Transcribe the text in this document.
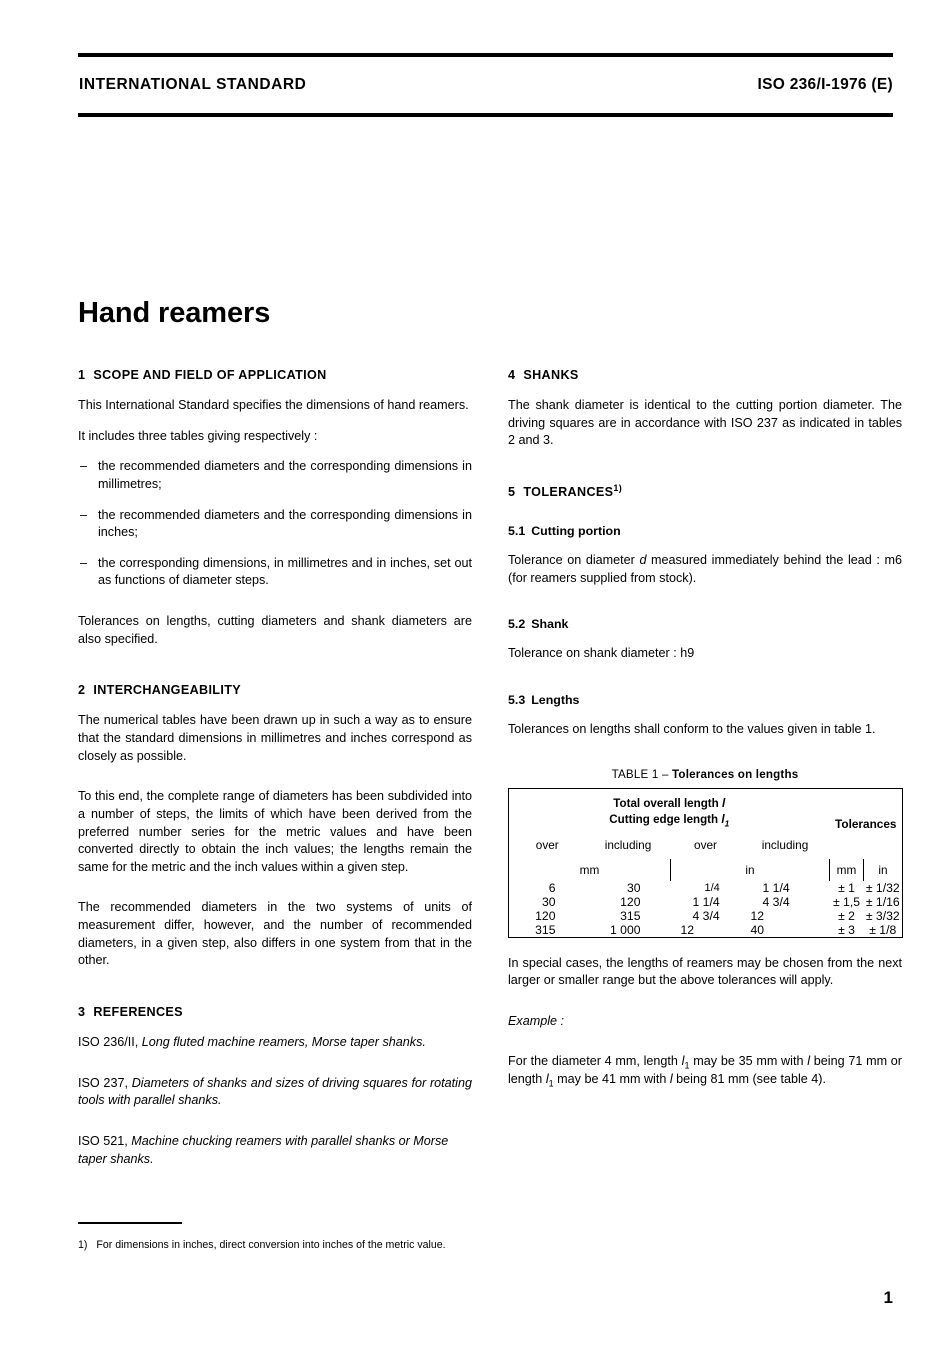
INTERNATIONAL STANDARD	ISO 236/I-1976 (E)
Hand reamers
1 SCOPE AND FIELD OF APPLICATION

This International Standard specifies the dimensions of hand reamers.

It includes three tables giving respectively :

– the recommended diameters and the corresponding dimensions in millimetres;
– the recommended diameters and the corresponding dimensions in inches;
– the corresponding dimensions, in millimetres and in inches, set out as functions of diameter steps.

Tolerances on lengths, cutting diameters and shank diameters are also specified.

2 INTERCHANGEABILITY

The numerical tables have been drawn up in such a way as to ensure that the standard dimensions in millimetres and inches correspond as closely as possible.

To this end, the complete range of diameters has been subdivided into a number of steps, the limits of which have been derived from the preferred number series for the metric values and have been converted directly to obtain the inch values; the lengths remain the same for the metric and the inch values within a given step.

The recommended diameters in the two systems of units of measurement differ, however, and the number of recommended diameters, in a given step, also differs in one system from that in the other.

3 REFERENCES

ISO 236/II, Long fluted machine reamers, Morse taper shanks.

ISO 237, Diameters of shanks and sizes of driving squares for rotating tools with parallel shanks.

ISO 521, Machine chucking reamers with parallel shanks or Morse taper shanks.

4 SHANKS

The shank diameter is identical to the cutting portion diameter. The driving squares are in accordance with ISO 237 as indicated in tables 2 and 3.

5 TOLERANCES$^{1)}$
5.1 Cutting portion

Tolerance on diameter d measured immediately behind the lead : m6 (for reamers supplied from stock).

5.2 Shank

Tolerance on shank diameter : h9

5.3 Lengths

Tolerances on lengths shall conform to the values given in table 1.

TABLE 1 – Tolerances on lengths
Total overall length l
Cutting edge length $l_1$				Tolerances	
over	including	over	including		
mm		in		mm	in
6	30	1/4	1 1/4	± 1	± 1/32
30	120	1 1/4	4 3/4	± 1,5	± 1/16
120	315	4 3/4	12	± 2	± 3/32
315	1 000	12	40	± 3	± 1/8

In special cases, the lengths of reamers may be chosen from the next larger or smaller range but the above tolerances will apply.

Example :

For the diameter 4 mm, length $l_1$ may be 35 mm with l being 71 mm or length $l_1$ may be 41 mm with l being 81 mm (see table 4).

1) For dimensions in inches, direct conversion into inches of the metric value.
1
